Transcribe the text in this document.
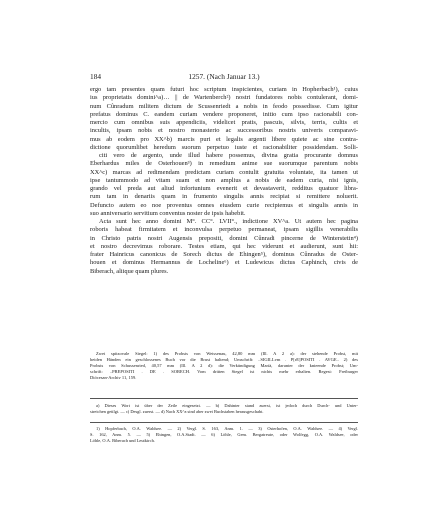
184	1257. (Nach Januar 13.)
ergo tam presentes quam futuri hoc scriptum inspicientes, curiam in Hopherbach¹), cuius
ius proprietatis domini^a)… || de Wartenberch²) nostri fundatores nobis contulerant, domi-
num Cûnradum militem dictum de Scussenriedt a nobis in feodo possedisse. Cum igitur
prefatus dominus C. eandem curiam vendere proponeret, initio cum ipso racionabili con-
mercio cum omnibus suis appendiciis, videlicet pratis, pascuis, silvis, terris, cultis et
incultis, ipsam nobis et nostro monasterio ac successoribus nostris univeris comparavi-
mus ab eodem pro XX^b) marcis puri et legalis argenti libere quiete ac sine contra-
dictione quorumlibet heredum suorum perpetuo iuste et racionabiliter possidendam. Solli-
citi vero de argento, unde illud habere possemus, divina gratia procurante domnus
Eberhardus miles de Osterhouen³) in remedium anime sue suorumque parentum nobis
XX^c) marcas ad redimendam predictam curiam contulit gratuita voluntate, ita tamen ut
ipse tantummodo ad vitam suam et non amplius a nobis de eadem curia, nisi ignis,
grando vel preda aut aliud infortunium evenerit et devastaverit, redditus quatuor libra-
rum tam in denariis quam in frumento singulis annis recipiat si remittere noluerit.
Defuncto autem eo noe proventus omnes eiusdem curie recipiemus et singulis annis in
suo anniversario servitium conventus noster de ipsis habebit.
Acta sunt hec anno domini M°. CC°. LVII°., indictione XV^a. Ut autem hec pagina
roboris habeat firmitatem et inconvulsa perpetuo permaneat, ipsam sigillis venerabilis
in Christo patris nostri Augensis prepositi, domini Cûnradi pincerne de Winterstetin⁴)
et nostro decrevimus roborare. Testes etiam, qui hec viderunt et audierunt, sunt hii:
frater Hainricus canonicus de Sorech dictus de Ehingen⁵), dominus Cûnradus de Oster-
houen et dominus Hermannus de Locheline⁶) et Ludewicus dictus Caphinch, civis de
Biberach, aliique quam plures.
Zwei spitzovale Siegel: 1) des Probsts von Weissenau, 42,80 mm (Ill. A 2 a): der stehende Probst, mit
beiden Händen ein geschlossenes Buch vor die Brust haltend; Umschrift: ..SIGILLvm . P[rE]POSITI . AVGE.. 2) des
Probsts von Schussenried, 40,57 mm (Ill. A 2 d): die Verkündigung Mariä, darunter der knieende Probst; Um-
schrift: ..PREPOSITI . DE . SORECH. Vom dritten Siegel ist nichts mehr erhalten. Regest: Freiburger
Diöcesan-Archiv 11, 159.
a) Dieses Wort ist über der Zeile eingesetzt. — b) Dahinter stand zuerst, ist jedoch durch Durch- und Unter-
streichen getilgt. — c) Desgl. zuerst. — d) Nach XX^a sind aber zwei Buchstaben herausgeschabt.
1) Hopferbach, O.A. Waldsee. — 2) Vergl. S. 163, Anm. 1. — 3) Osterhofen, O.A. Waldsee. — 4) Vergl.
S. 162, Anm. 5. — 5) Ehingen, O.A.Stadt. — 6) Löhle, Gem. Bergatreute, oder Wolfegg, O.A. Waldsee, oder
Löhle, O.A. Biberach und Leutkirch.
